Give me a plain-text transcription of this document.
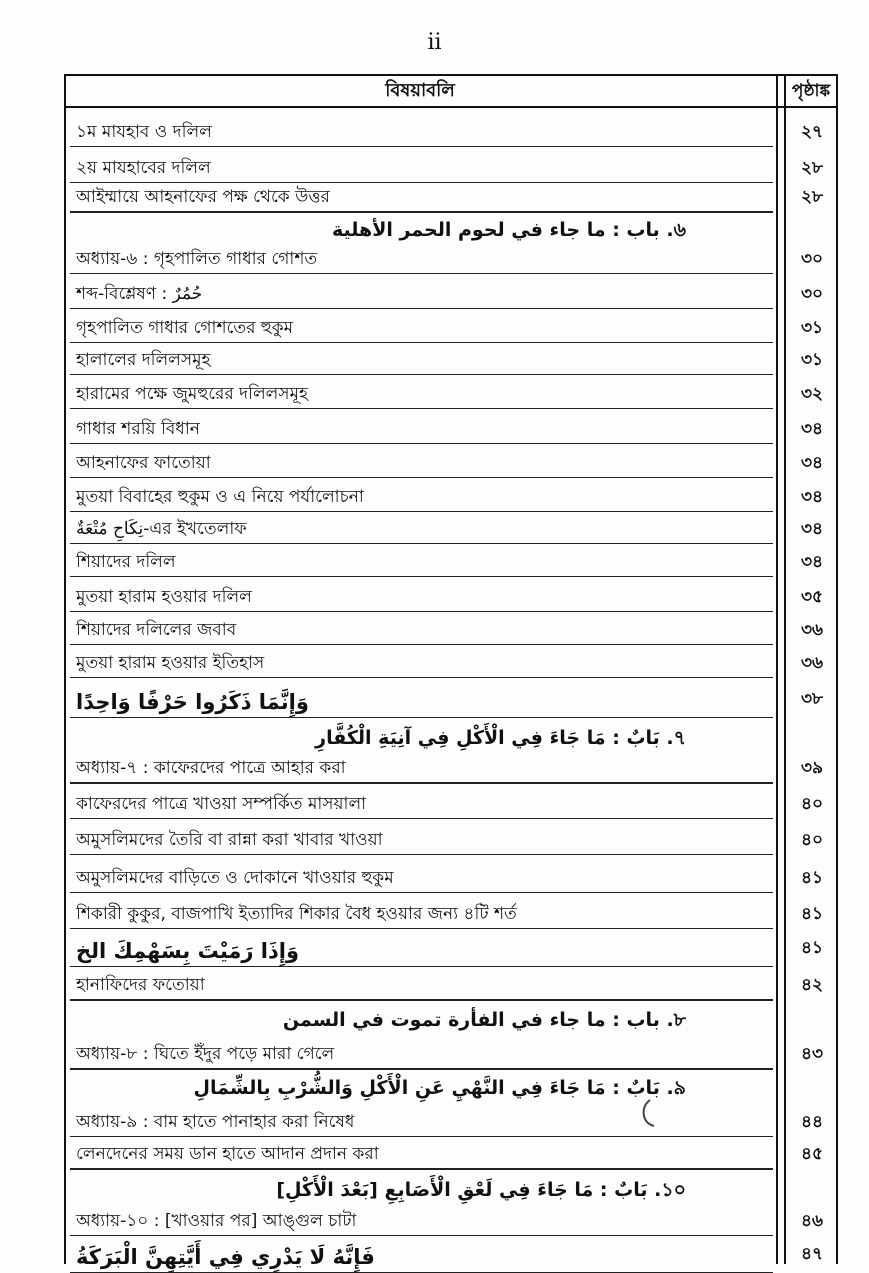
ii
বিষয়াবলি	পৃষ্ঠাঙ্ক
১ম মাযহাব ও দলিল	২৭
২য় মাযহাবের দলিল	২৮
আইম্মায়ে আহনাফের পক্ষ থেকে উত্তর	২৮
৬. باب : ما جاء في لحوم الحمر الأهلية
অধ্যায়-৬ : গৃহপালিত গাধার গোশত	৩০
শব্দ-বিশ্লেষণ : حُمُرٌ	৩০
গৃহপালিত গাধার গোশতের হুকুম	৩১
হালালের দলিলসমূহ	৩১
হারামের পক্ষে জুমহুরের দলিলসমূহ	৩২
গাধার শরয়ি বিধান	৩৪
আহনাফের ফাতোয়া	৩৪
মুতয়া বিবাহের হুকুম ও এ নিয়ে পর্যালোচনা	৩৪
نِكَاحِ مُتْعَةٌ-এর ইখতেলাফ	৩৪
শিয়াদের দলিল	৩৪
মুতয়া হারাম হওয়ার দলিল	৩৫
শিয়াদের দলিলের জবাব	৩৬
মুতয়া হারাম হওয়ার ইতিহাস	৩৬
وَإِنَّمَا ذَكَرُوا حَرْفًا وَاحِدًا	৩৮
৭. بَابٌ : مَا جَاءَ فِي الْأَكْلِ فِي آنِيَةِ الْكُفَّارِ
অধ্যায়-৭ : কাফেরদের পাত্রে আহার করা	৩৯
কাফেরদের পাত্রে খাওয়া সম্পর্কিত মাসয়ালা	৪০
অমুসলিমদের তৈরি বা রান্না করা খাবার খাওয়া	৪০
অমুসলিমদের বাড়িতে ও দোকানে খাওয়ার হুকুম	৪১
শিকারী কুকুর, বাজপাখি ইত্যাদির শিকার বৈধ হওয়ার জন্য ৪টি শর্ত	৪১
وَإِذَا رَمَيْتَ بِسَهْمِكَ الخ	৪১
হানাফিদের ফতোয়া	৪২
৮. باب : ما جاء في الفأرة تموت في السمن
অধ্যায়-৮ : ঘিতে ইঁদুর পড়ে মারা গেলে	৪৩
৯. بَابٌ : مَا جَاءَ فِي النَّهْيِ عَنِ الْأَكْلِ وَالشُّرْبِ بِالشِّمَالِ
অধ্যায়-৯ : বাম হাতে পানাহার করা নিষেধ	৪৪
লেনদেনের সময় ডান হাতে আদান প্রদান করা	৪৫
১০. بَابٌ : مَا جَاءَ فِي لَعْقِ الْأَصَابِعِ [بَعْدَ الْأَكْلِ]
অধ্যায়-১০ : [খাওয়ার পর] আঙ্গুল চাটা	৪৬
فَإِنَّهُ لَا يَدْرِي فِي أَيَّتِهِنَّ الْبَرَكَةُ	৪৭
